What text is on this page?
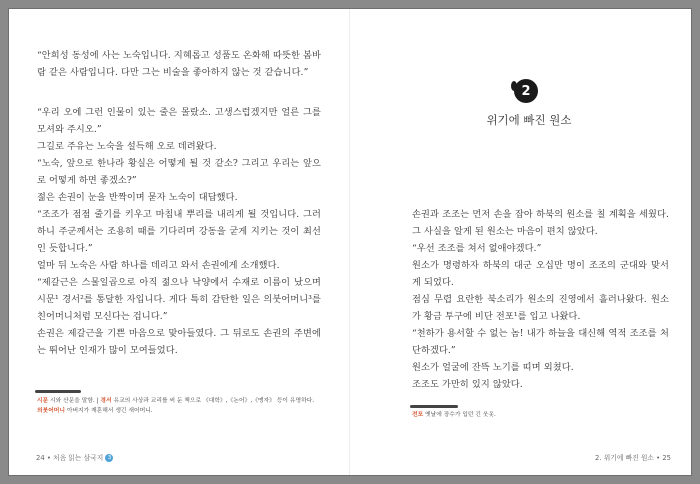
“안희성 동성에 사는 노숙입니다. 지혜롭고 성품도 온화해 따뜻한 봄바람 같은 사람입니다. 다만 그는 비술을 좋아하지 않는 것 같습니다.”

“우리 오에 그런 인물이 있는 줄은 몰랐소. 고생스럽겠지만 얼른 그를 모셔와 주시오.”

그길로 주유는 노숙을 설득해 오로 데려왔다.

“노숙, 앞으로 한나라 황실은 어떻게 될 것 같소? 그리고 우리는 앞으로 어떻게 하면 좋겠소?”

젊은 손권이 눈을 반짝이며 묻자 노숙이 대답했다.

“조조가 점점 줄기를 키우고 마침내 뿌리를 내리게 될 것입니다. 그러하니 주군께서는 조용히 때를 기다리며 강동을 굳게 지키는 것이 최선인 듯합니다.”

얼마 뒤 노숙은 사람 하나를 데리고 와서 손권에게 소개했다.

“제갈근은 스물일곱으로 아직 젊으나 낙양에서 수재로 이름이 났으며 시문¹ 경서²를 통달한 자입니다. 게다 특히 감탄한 일은 의붓어머니³를 친어머니처럼 모신다는 겁니다.”

손권은 제갈근을 기쁜 마음으로 맞아들였다. 그 뒤로도 손권의 주변에는 뛰어난 인재가 많이 모여들었다.

시문 시와 산문을 말함. | 경서 유교의 사상과 교리를 써 둔 책으로 《대학》,《논어》,《맹자》 등이 유명하다.
의붓어머니 아버지가 재혼해서 생긴 새어머니.

24 • 처음 읽는 삼국지 3

손권과 조조는 먼저 손을 잡아 하북의 원소를 칠 계획을 세웠다. 그 사실을 알게 된 원소는 마음이 편치 않았다.

“우선 조조를 쳐서 없애야겠다.”

원소가 명령하자 하북의 대군 오십만 명이 조조의 군대와 맞서게 되었다.

점심 무렵 요란한 북소리가 원소의 진영에서 흘러나왔다. 원소가 황금 투구에 비단 전포¹를 입고 나왔다.

“천하가 용서할 수 없는 놈! 내가 하늘을 대신해 역적 조조를 처단하겠다.”

원소가 얼굴에 잔뜩 노기를 띠며 외쳤다.

조조도 가만히 있지 않았다.

전포 옛날에 장수가 입던 긴 웃옷.

2. 위기에 빠진 원소 • 25
2
위기에 빠진 원소
